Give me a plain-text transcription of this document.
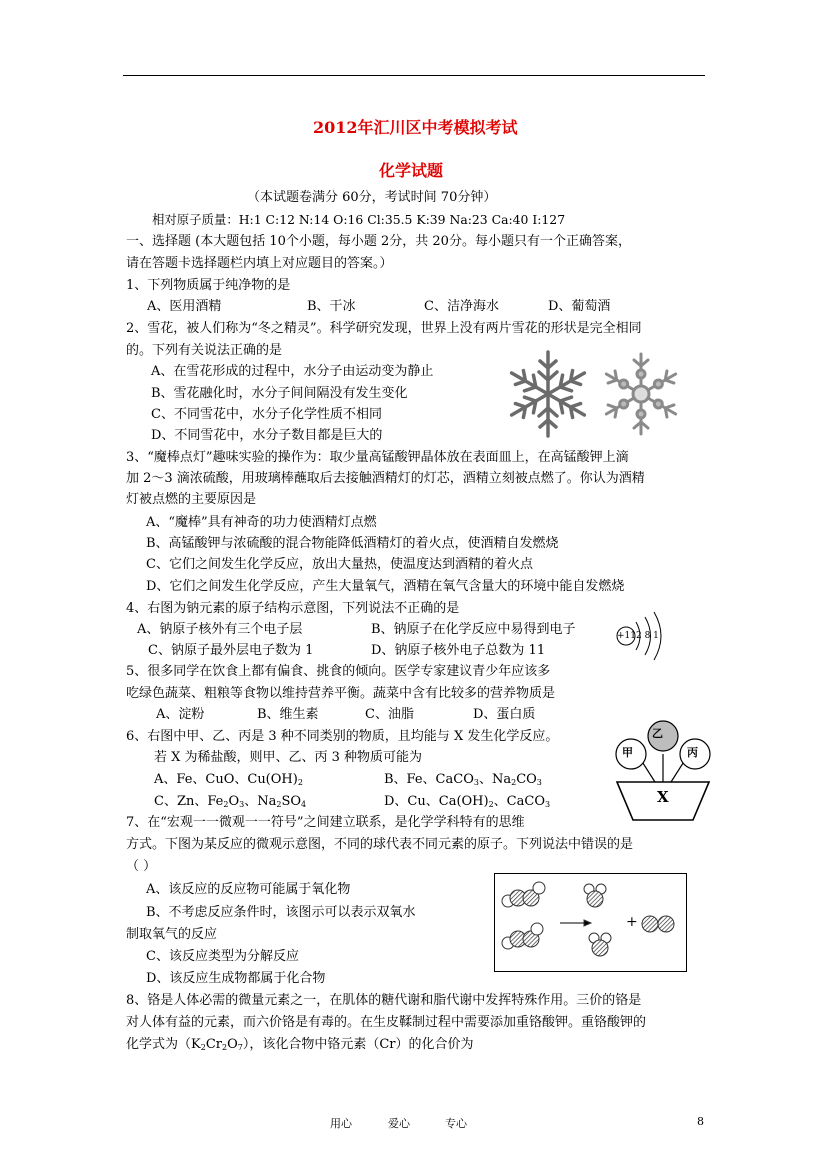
2012年汇川区中考模拟考试
化学试题
（本试题卷满分 60分，考试时间 70分钟）
相对原子质量：H:1 C:12 N:14 O:16 Cl:35.5 K:39 Na:23 Ca:40 I:127
一、选择题 (本大题包括 10个小题，每小题 2分，共 20分。每小题只有一个正确答案，
请在答题卡选择题栏内填上对应题目的答案。）
1、下列物质属于纯净物的是
A、医用酒精	B、干冰	C、洁净海水	D、葡萄酒
2、雪花，被人们称为“冬之精灵”。科学研究发现，世界上没有两片雪花的形状是完全相同
的。下列有关说法正确的是
A、在雪花形成的过程中，水分子由运动变为静止
B、雪花融化时，水分子间间隔没有发生变化
C、不同雪花中，水分子化学性质不相同
D、不同雪花中，水分子数目都是巨大的
3、“魔棒点灯”趣味实验的操作为：取少量高锰酸钾晶体放在表面皿上，在高锰酸钾上滴
加 2～3 滴浓硫酸，用玻璃棒蘸取后去接触酒精灯的灯芯，酒精立刻被点燃了。你认为酒精
灯被点燃的主要原因是
A、“魔棒”具有神奇的功力使酒精灯点燃
B、高锰酸钾与浓硫酸的混合物能降低酒精灯的着火点，使酒精自发燃烧
C、它们之间发生化学反应，放出大量热，使温度达到酒精的着火点
D、它们之间发生化学反应，产生大量氧气，酒精在氧气含量大的环境中能自发燃烧
4、右图为钠元素的原子结构示意图，下列说法不正确的是
A、钠原子核外有三个电子层	B、钠原子在化学反应中易得到电子
C、钠原子最外层电子数为 1	D、钠原子核外电子总数为 11
+11 2 8 1
5、很多同学在饮食上都有偏食、挑食的倾向。医学专家建议青少年应该多
吃绿色蔬菜、粗粮等食物以维持营养平衡。蔬菜中含有比较多的营养物质是
A、淀粉	B、维生素	C、油脂	D、蛋白质
6、右图中甲、乙、丙是 3 种不同类别的物质，且均能与 X 发生化学反应。
若 X 为稀盐酸，则甲、乙、丙 3 种物质可能为
A、Fe、CuO、$Cu(OH)_2$	B、Fe、CaCO$_3$、$Na_2CO_3$
C、Zn、$Fe_2O_3$、$Na_2SO_4$	D、Cu、$Ca(OH)_2$、CaCO$_3$
乙
甲	丙
X
7、在“宏观一一微观一一符号”之间建立联系，是化学学科特有的思维
方式。下图为某反应的微观示意图，不同的球代表不同元素的原子。下列说法中错误的是
（ ）
A、该反应的反应物可能属于氧化物
B、不考虑反应条件时，该图示可以表示双氧水
制取氧气的反应
C、该反应类型为分解反应
D、该反应生成物都属于化合物
+
8、铬是人体必需的微量元素之一，在肌体的糖代谢和脂代谢中发挥特殊作用。三价的铬是
对人体有益的元素，而六价铬是有毒的。在生皮鞣制过程中需要添加重铬酸钾。重铬酸钾的
化学式为$(K_2Cr_2O_7)$，该化合物中铬元素（Cr）的化合价为
用心	爱心	专心	8
